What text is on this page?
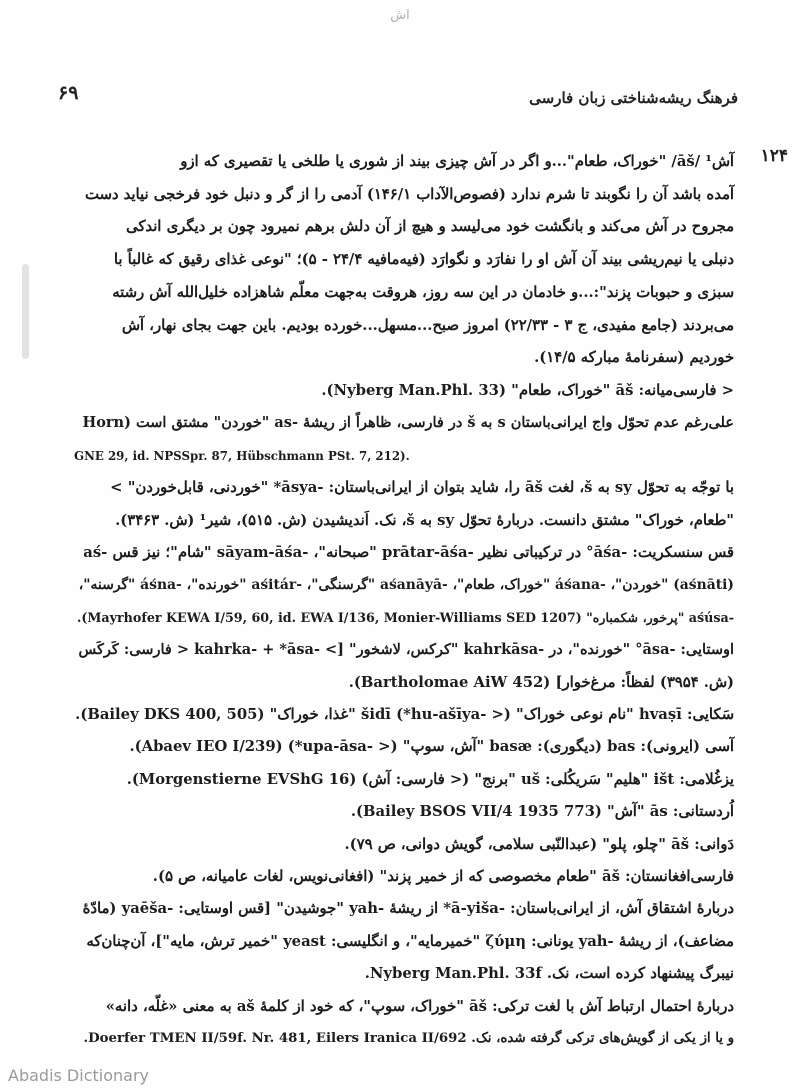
اش
۶۹	فرهنگ ریشه‌شناختی زبان فارسی
۱۲۴

آش¹ /āš/ "خوراک، طعام"...و اگر در آش چیزی بیند از شوری یا طلخی یا تقصیری که ازو

آمده باشد آن را نگوبند تا شرم ندارد (فصوص‌الآداب ۱۴۶/۱) آدمی را از گر و دنبل خود فرخجی نیاید دست

مجروح در آش می‌کند و بانگشت خود می‌لیسد و هیچ از آن دلش برهم نمیرود چون بر دیگری اندکی

دنبلی یا نیم‌ریشی بیند آن آش او را نفارَد و نگوارَد (فیه‌مافیه ۲۴/۴ - ۵)؛ "نوعی غذای رقیق که غالباً با

سبزی و حبوبات پزند":...و خادمان در این سه روز، هروقت به‌جهت معلّم شاهزاده خلیل‌الله آش رشته

می‌بردند (جامع مفیدی، ج ۳ - ۲۲/۳۳) امروز صبح...مسهل...خورده بودیم. باین جهت بجای نهار، آش

خوردیم (سفرنامهٔ مبارکه ۱۴/۵).

< فارسی‌میانه: āš "خوراک، طعام" (Nyberg Man.Phl. 33).

علی‌رغم عدم تحوّل واج ایرانی‌باستان s به š در فارسی، ظاهراً از ریشهٔ -as "خوردن" مشتق است (Horn

GNE 29, id. NPSSpr. 87, Hübschmann PSt. 7, 212).

با توجّه به تحوّل sy به š، لغت āš را، شاید بتوان از ایرانی‌باستان: -āsya* "خوردنی، قابل‌خوردن" >

"طعام، خوراک" مشتق دانست. دربارهٔ تحوّل sy به š، نک. اَندیشیدن (ش. ۵۱۵)، شیر¹ (ش. ۳۴۶۳).

قس سنسکریت: -āśa° در ترکیباتی نظیر -prātar-āśa "صبحانه"، -sāyam-āśa "شام"؛ نیز قس -aś

(aśnāti) "خوردن"، -áśana "خوراک، طعام"، -aśanāyā "گرسنگی"، -aśitár "خورنده"، -áśna "گرسنه"،

-aśúsa "پرخور، شکمباره" (Mayrhofer KEWA I/59, 60, id. EWA I/136, Monier-Williams SED 1207).

اوستایی: -āsa° "خورنده"، در -kahrkāsa "کرکس، لاشخور" [> -kahrka- + *āsa < فارسی: کَرکَس

(ش. ۳۹۵۴) لفظاً: مرغ‌خوار] (Bartholomae AiW 452).

سَکایی: hvaṣī "نام نوعی خوراک" (< -hu-ašīya*) šidī "غذا، خوراک" (Bailey DKS 400, 505).

آسی (ایرونی): bas (دیگوری): basæ "آش، سوپ" (< -upa-āsa*) (Abaev IEO I/239).

یزغُلامی: išt "هلیم" سَریکُلی: uš "برنج" (< فارسی: آش) (Morgenstierne EVShG 16).

اُردستانی: ās "آش" (Bailey BSOS VII/4 1935 773).

دَوانی: āš "چلو، پلو" (عبدالنّبی سلامی، گویش دوانی، ص ۷۹).

فارسی‌افغانستان: āš "طعام مخصوصی که از خمیر پزند" (افغانی‌نویس، لغات عامیانه، ص ۵).

دربارهٔ اشتقاق آش، از ایرانی‌باستان: -ā-yiša* از ریشهٔ -yah "جوشیدن" [قس اوستایی: -yaēša (مادّهٔ

مضاعف)، از ریشهٔ -yah یونانی: ζύμη "خمیرمایه"، و انگلیسی: yeast "خمیر ترش، مایه"]، آن‌چنان‌که

نیبرگ پیشنهاد کرده است، نک. Nyberg Man.Phl. 33f.

دربارهٔ احتمال ارتباط آش با لغت ترکی: āš "خوراک، سوپ"، که خود از کلمهٔ aš به معنی «غلّه، دانه»

و یا از یکی از گویش‌های ترکی گرفته شده، نک. Doerfer TMEN II/59f. Nr. 481, Eilers Iranica II/692.

Abadis Dictionary
